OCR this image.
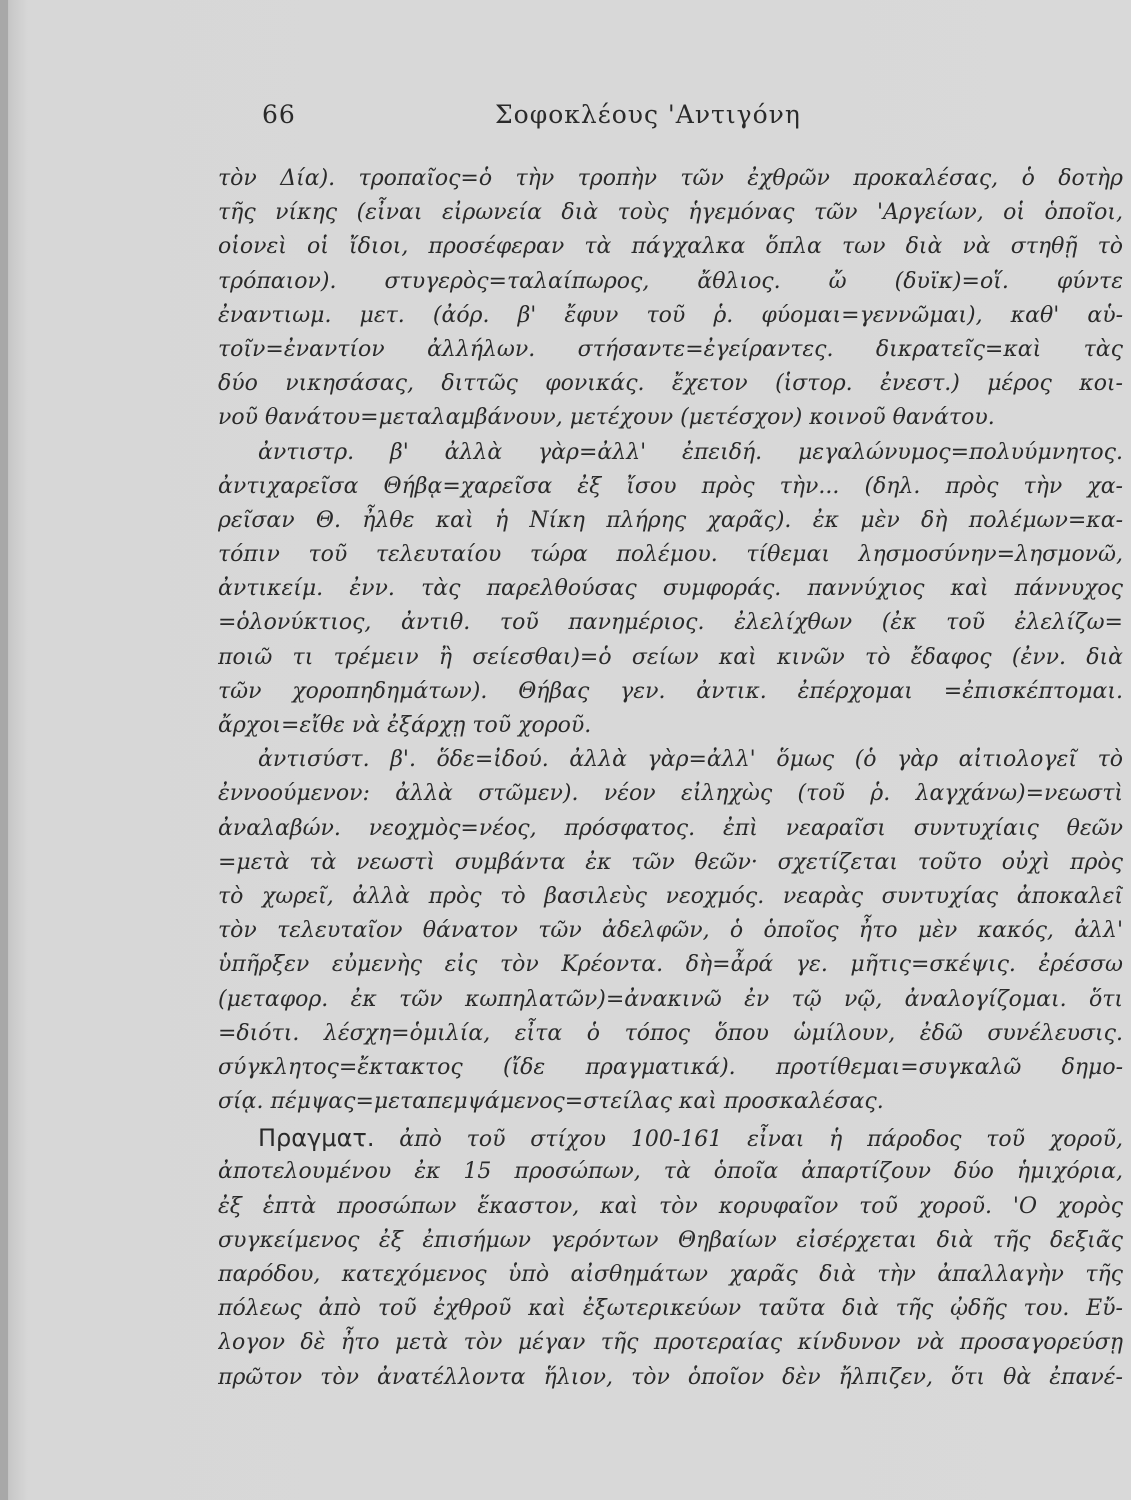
66	Σοφοκλέους 'Αντιγόνη
τὸν Δία). τροπαῖος=ὁ τὴν τροπὴν τῶν ἐχθρῶν προκαλέσας, ὁ δοτὴρ
τῆς νίκης (εἶναι εἰρωνεία διὰ τοὺς ἡγεμόνας τῶν 'Αργείων, οἱ ὁποῖοι,
οἱονεὶ οἱ ἴδιοι, προσέφεραν τὰ πάγχαλκα ὅπλα των διὰ νὰ στηθῇ τὸ
τρόπαιον). στυγερὸς=ταλαίπωρος, ἄθλιος. ὤ (δυϊκ)=οἵ. φύντε
ἐναντιωμ. μετ. (ἀόρ. β' ἔφυν τοῦ ῥ. φύομαι=γεννῶμαι), καθ' αὑ-
τοῖν=ἐναντίον ἀλλήλων. στήσαντε=ἐγείραντες. δικρατεῖς=καὶ τὰς
δύο νικησάσας, διττῶς φονικάς. ἔχετον (ἱστορ. ἐνεστ.) μέρος κοι-
νοῦ θανάτου=μεταλαμβάνουν, μετέχουν (μετέσχον) κοινοῦ θανάτου.
ἀντιστρ. β' ἀλλὰ γὰρ=ἀλλ' ἐπειδή. μεγαλώνυμος=πολυύμνητος.
ἀντιχαρεῖσα Θήβᾳ=χαρεῖσα ἐξ ἴσου πρὸς τὴν... (δηλ. πρὸς τὴν χα-
ρεῖσαν Θ. ἦλθε καὶ ἡ Νίκη πλήρης χαρᾶς). ἐκ μὲν δὴ πολέμων=κα-
τόπιν τοῦ τελευταίου τώρα πολέμου. τίθεμαι λησμοσύνην=λησμονῶ,
ἀντικείμ. ἐνν. τὰς παρελθούσας συμφοράς. παννύχιος καὶ πάννυχος
=ὁλονύκτιος, ἀντιθ. τοῦ πανημέριος. ἐλελίχθων (ἐκ τοῦ ἐλελίζω=
ποιῶ τι τρέμειν ἢ σείεσθαι)=ὁ σείων καὶ κινῶν τὸ ἔδαφος (ἐνν. διὰ
τῶν χοροπηδημάτων). Θήβας γεν. ἀντικ. ἐπέρχομαι =ἐπισκέπτομαι.
ἄρχοι=εἴθε νὰ ἐξάρχῃ τοῦ χοροῦ.
ἀντισύστ. β'. ὅδε=ἰδού. ἀλλὰ γὰρ=ἀλλ' ὅμως (ὁ γὰρ αἰτιολογεῖ τὸ
ἐννοούμενον: ἀλλὰ στῶμεν). νέον εἰληχὼς (τοῦ ῥ. λαγχάνω)=νεωστὶ
ἀναλαβών. νεοχμὸς=νέος, πρόσφατος. ἐπὶ νεαραῖσι συντυχίαις θεῶν
=μετὰ τὰ νεωστὶ συμβάντα ἐκ τῶν θεῶν· σχετίζεται τοῦτο οὐχὶ πρὸς
τὸ χωρεῖ, ἀλλὰ πρὸς τὸ βασιλεὺς νεοχμός. νεαρὰς συντυχίας ἀποκαλεῖ
τὸν τελευταῖον θάνατον τῶν ἀδελφῶν, ὁ ὁποῖος ἦτο μὲν κακός, ἀλλ'
ὑπῆρξεν εὐμενὴς εἰς τὸν Κρέοντα. δὴ=ἆρά γε. μῆτις=σκέψις. ἐρέσσω
(μεταφορ. ἐκ τῶν κωπηλατῶν)=ἀνακινῶ ἐν τῷ νῷ, ἀναλογίζομαι. ὅτι
=διότι. λέσχη=ὁμιλία, εἶτα ὁ τόπος ὅπου ὡμίλουν, ἐδῶ συνέλευσις.
σύγκλητος=ἔκτακτος (ἴδε πραγματικά). προτίθεμαι=συγκαλῶ δημο-
σίᾳ. πέμψας=μεταπεμψάμενος=στείλας καὶ προσκαλέσας.
Πραγματ. ἀπὸ τοῦ στίχου 100-161 εἶναι ἡ πάροδος τοῦ χοροῦ,
ἀποτελουμένου ἐκ 15 προσώπων, τὰ ὁποῖα ἀπαρτίζουν δύο ἡμιχόρια,
ἐξ ἑπτὰ προσώπων ἕκαστον, καὶ τὸν κορυφαῖον τοῦ χοροῦ. 'Ο χορὸς
συγκείμενος ἐξ ἐπισήμων γερόντων Θηβαίων εἰσέρχεται διὰ τῆς δεξιᾶς
παρόδου, κατεχόμενος ὑπὸ αἰσθημάτων χαρᾶς διὰ τὴν ἀπαλλαγὴν τῆς
πόλεως ἀπὸ τοῦ ἐχθροῦ καὶ ἐξωτερικεύων ταῦτα διὰ τῆς ᾠδῆς του. Εὔ-
λογον δὲ ἦτο μετὰ τὸν μέγαν τῆς προτεραίας κίνδυνον νὰ προσαγορεύσῃ
πρῶτον τὸν ἀνατέλλοντα ἥλιον, τὸν ὁποῖον δὲν ἤλπιζεν, ὅτι θὰ ἐπανέ-
